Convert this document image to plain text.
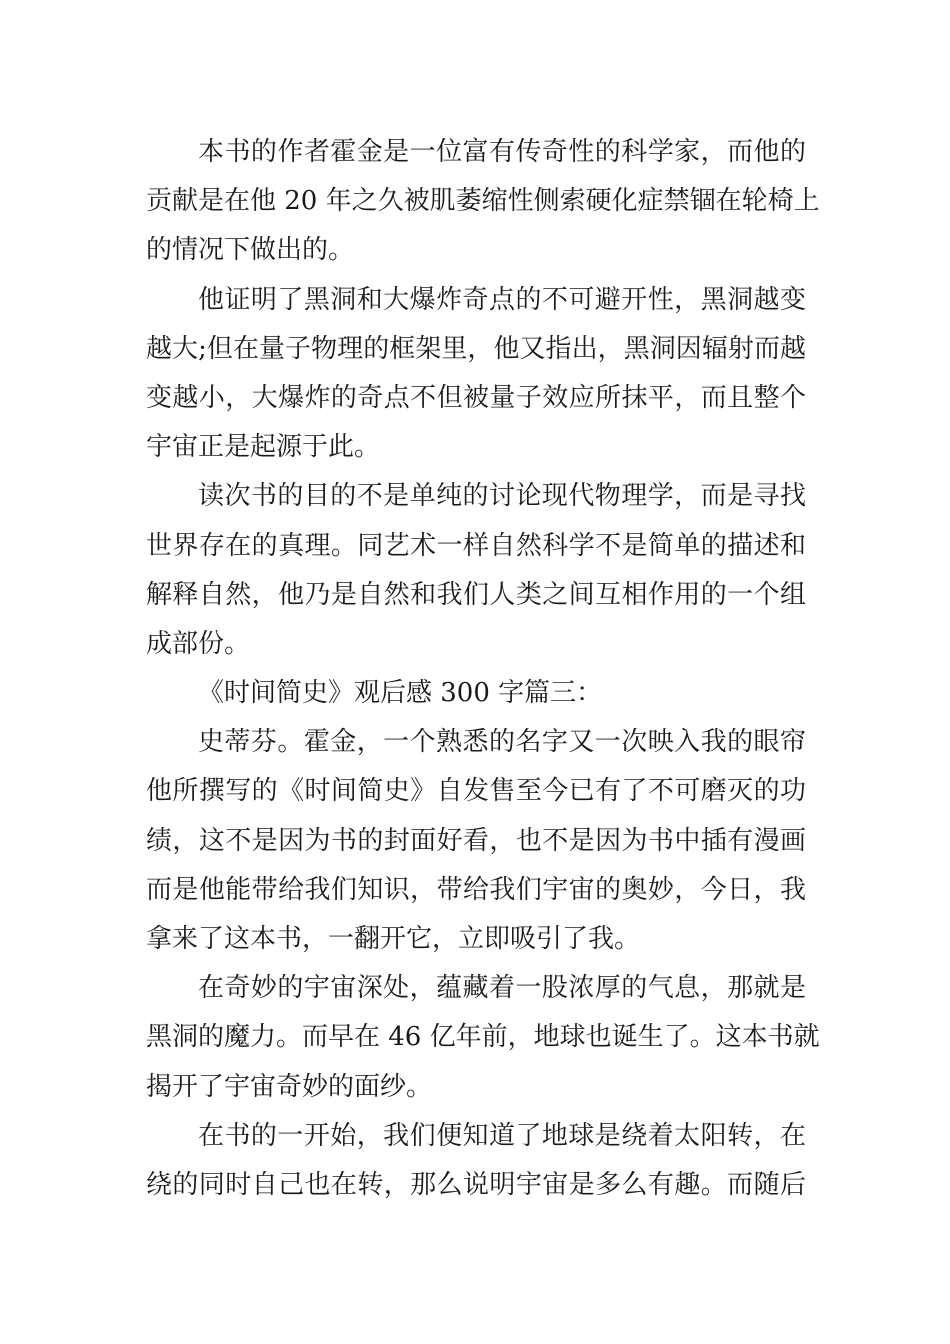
本书的作者霍金是一位富有传奇性的科学家，而他的
贡献是在他 20 年之久被肌萎缩性侧索硬化症禁锢在轮椅上
的情况下做出的。
他证明了黑洞和大爆炸奇点的不可避开性，黑洞越变
越大;但在量子物理的框架里，他又指出，黑洞因辐射而越
变越小，大爆炸的奇点不但被量子效应所抹平，而且整个
宇宙正是起源于此。
读次书的目的不是单纯的讨论现代物理学，而是寻找
世界存在的真理。同艺术一样自然科学不是简单的描述和
解释自然，他乃是自然和我们人类之间互相作用的一个组
成部份。
《时间简史》观后感 300 字篇三：
史蒂芬。霍金，一个熟悉的名字又一次映入我的眼帘
他所撰写的《时间简史》自发售至今已有了不可磨灭的功
绩，这不是因为书的封面好看，也不是因为书中插有漫画
而是他能带给我们知识，带给我们宇宙的奥妙，今日，我
拿来了这本书，一翻开它，立即吸引了我。
在奇妙的宇宙深处，蕴藏着一股浓厚的气息，那就是
黑洞的魔力。而早在 46 亿年前，地球也诞生了。这本书就
揭开了宇宙奇妙的面纱。
在书的一开始，我们便知道了地球是绕着太阳转，在
绕的同时自己也在转，那么说明宇宙是多么有趣。而随后
